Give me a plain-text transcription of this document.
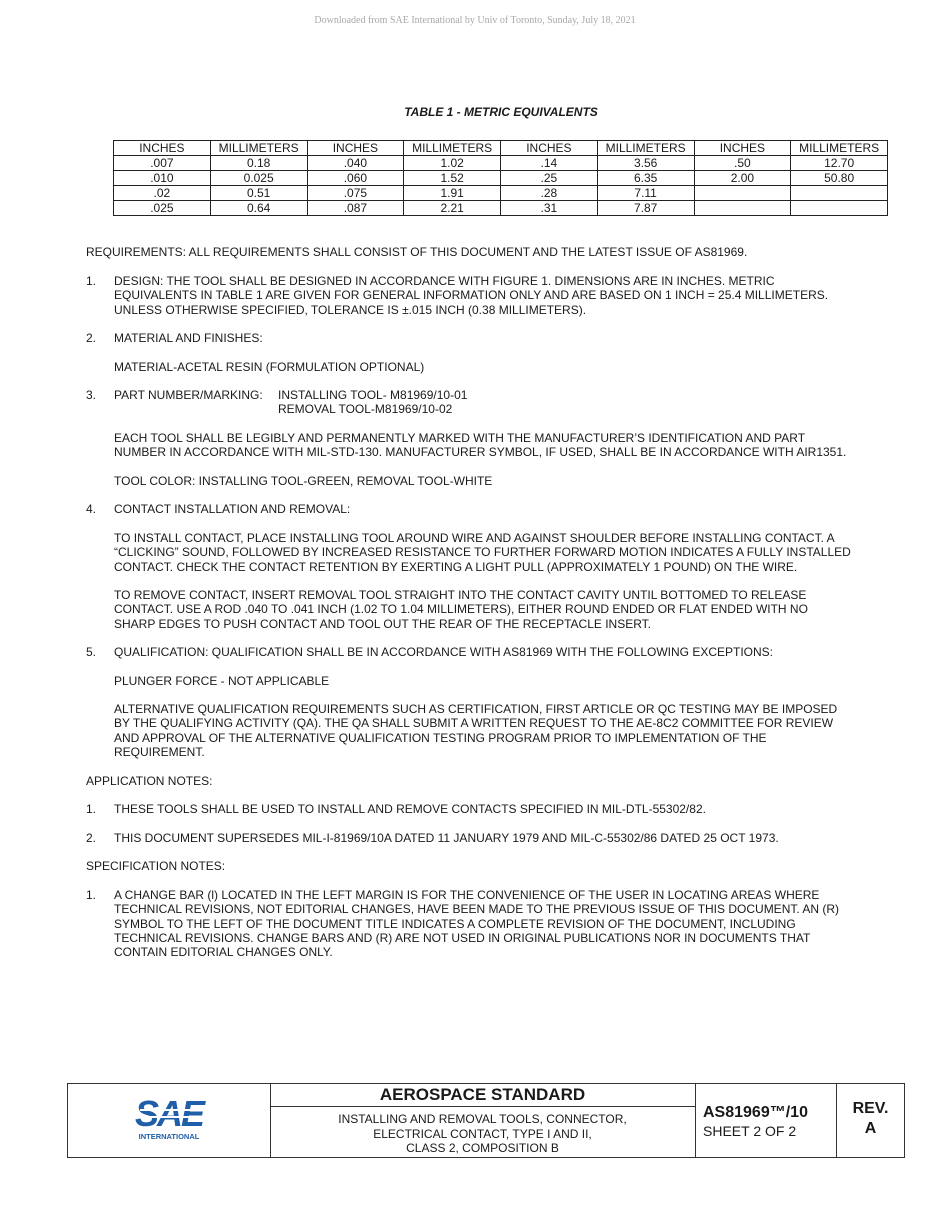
Downloaded from SAE International by Univ of Toronto, Sunday, July 18, 2021
TABLE 1 - METRIC EQUIVALENTS
INCHES	MILLIMETERS	INCHES	MILLIMETERS	INCHES	MILLIMETERS	INCHES	MILLIMETERS
.007	0.18	.040	1.02	.14	3.56	.50	12.70
.010	0.025	.060	1.52	.25	6.35	2.00	50.80
.02	0.51	.075	1.91	.28	7.11		
.025	0.64	.087	2.21	.31	7.87		
REQUIREMENTS: ALL REQUIREMENTS SHALL CONSIST OF THIS DOCUMENT AND THE LATEST ISSUE OF AS81969.
1. DESIGN: THE TOOL SHALL BE DESIGNED IN ACCORDANCE WITH FIGURE 1. DIMENSIONS ARE IN INCHES. METRIC
EQUIVALENTS IN TABLE 1 ARE GIVEN FOR GENERAL INFORMATION ONLY AND ARE BASED ON 1 INCH = 25.4 MILLIMETERS.
UNLESS OTHERWISE SPECIFIED, TOLERANCE IS ±.015 INCH (0.38 MILLIMETERS).
2. MATERIAL AND FINISHES:
MATERIAL-ACETAL RESIN (FORMULATION OPTIONAL)
3. PART NUMBER/MARKING:	INSTALLING TOOL- M81969/10-01
REMOVAL TOOL-M81969/10-02
EACH TOOL SHALL BE LEGIBLY AND PERMANENTLY MARKED WITH THE MANUFACTURER’S IDENTIFICATION AND PART
NUMBER IN ACCORDANCE WITH MIL-STD-130. MANUFACTURER SYMBOL, IF USED, SHALL BE IN ACCORDANCE WITH AIR1351.
TOOL COLOR: INSTALLING TOOL-GREEN, REMOVAL TOOL-WHITE
4. CONTACT INSTALLATION AND REMOVAL:
TO INSTALL CONTACT, PLACE INSTALLING TOOL AROUND WIRE AND AGAINST SHOULDER BEFORE INSTALLING CONTACT. A
“CLICKING” SOUND, FOLLOWED BY INCREASED RESISTANCE TO FURTHER FORWARD MOTION INDICATES A FULLY INSTALLED
CONTACT. CHECK THE CONTACT RETENTION BY EXERTING A LIGHT PULL (APPROXIMATELY 1 POUND) ON THE WIRE.
TO REMOVE CONTACT, INSERT REMOVAL TOOL STRAIGHT INTO THE CONTACT CAVITY UNTIL BOTTOMED TO RELEASE
CONTACT. USE A ROD .040 TO .041 INCH (1.02 TO 1.04 MILLIMETERS), EITHER ROUND ENDED OR FLAT ENDED WITH NO
SHARP EDGES TO PUSH CONTACT AND TOOL OUT THE REAR OF THE RECEPTACLE INSERT.
5. QUALIFICATION: QUALIFICATION SHALL BE IN ACCORDANCE WITH AS81969 WITH THE FOLLOWING EXCEPTIONS:
PLUNGER FORCE - NOT APPLICABLE
ALTERNATIVE QUALIFICATION REQUIREMENTS SUCH AS CERTIFICATION, FIRST ARTICLE OR QC TESTING MAY BE IMPOSED
BY THE QUALIFYING ACTIVITY (QA). THE QA SHALL SUBMIT A WRITTEN REQUEST TO THE AE-8C2 COMMITTEE FOR REVIEW
AND APPROVAL OF THE ALTERNATIVE QUALIFICATION TESTING PROGRAM PRIOR TO IMPLEMENTATION OF THE
REQUIREMENT.
APPLICATION NOTES:
1. THESE TOOLS SHALL BE USED TO INSTALL AND REMOVE CONTACTS SPECIFIED IN MIL-DTL-55302/82.
2. THIS DOCUMENT SUPERSEDES MIL-I-81969/10A DATED 11 JANUARY 1979 AND MIL-C-55302/86 DATED 25 OCT 1973.
SPECIFICATION NOTES:
1. A CHANGE BAR (l) LOCATED IN THE LEFT MARGIN IS FOR THE CONVENIENCE OF THE USER IN LOCATING AREAS WHERE
TECHNICAL REVISIONS, NOT EDITORIAL CHANGES, HAVE BEEN MADE TO THE PREVIOUS ISSUE OF THIS DOCUMENT. AN (R)
SYMBOL TO THE LEFT OF THE DOCUMENT TITLE INDICATES A COMPLETE REVISION OF THE DOCUMENT, INCLUDING
TECHNICAL REVISIONS. CHANGE BARS AND (R) ARE NOT USED IN ORIGINAL PUBLICATIONS NOR IN DOCUMENTS THAT
CONTAIN EDITORIAL CHANGES ONLY.
SAE
INTERNATIONAL
AEROSPACE STANDARD
INSTALLING AND REMOVAL TOOLS, CONNECTOR,
ELECTRICAL CONTACT, TYPE I AND II,
CLASS 2, COMPOSITION B
AS81969™/10
SHEET 2 OF 2
REV.
A
